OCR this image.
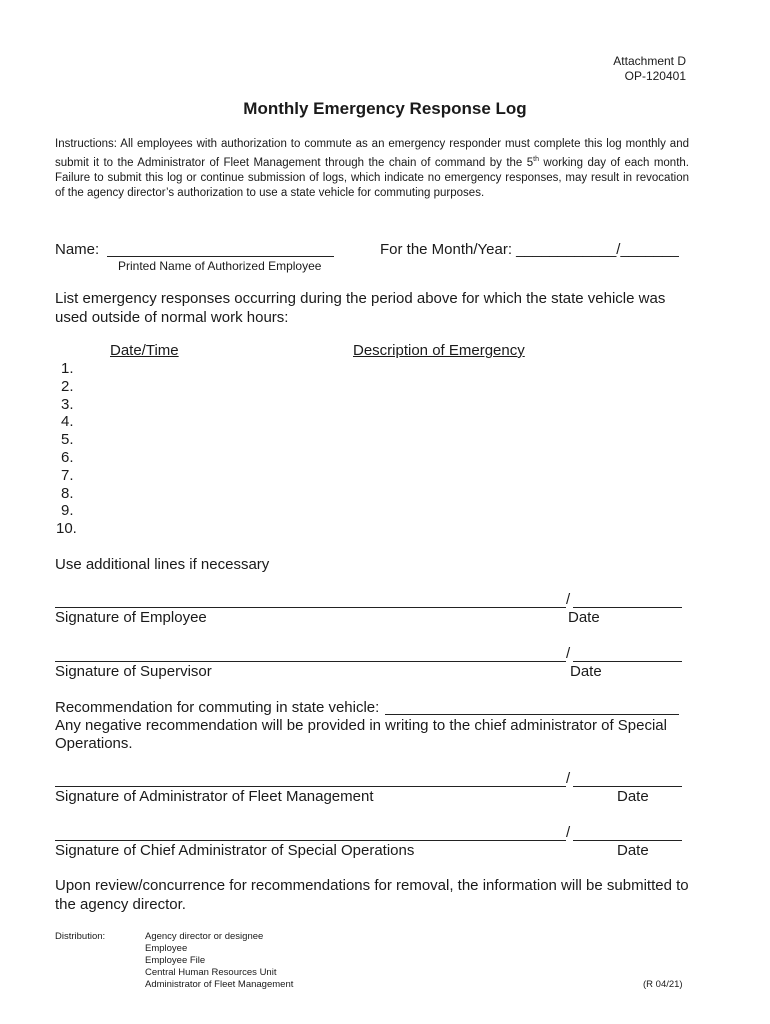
Attachment D
OP-120401
Monthly Emergency Response Log
Instructions: All employees with authorization to commute as an emergency responder must complete this log monthly and submit it to the Administrator of Fleet Management through the chain of command by the 5th working day of each month. Failure to submit this log or continue submission of logs, which indicate no emergency responses, may result in revocation of the agency director’s authorization to use a state vehicle for commuting purposes.
Name:
Printed Name of Authorized Employee
For the Month/Year: ____________/_______
List emergency responses occurring during the period above for which the state vehicle was used outside of normal work hours:
Date/Time	Description of Emergency
1.
2.
3.
4.
5.
6.
7.
8.
9.
10.
Use additional lines if necessary
/
Signature of Employee	Date
/
Signature of Supervisor	Date
Recommendation for commuting in state vehicle:
Any negative recommendation will be provided in writing to the chief administrator of Special
Operations.
/
Signature of Administrator of Fleet Management	Date
/
Signature of Chief Administrator of Special Operations	Date
Upon review/concurrence for recommendations for removal, the information will be submitted to
the agency director.
Distribution:	Agency director or designee
Employee
Employee File
Central Human Resources Unit
Administrator of Fleet Management	(R 04/21)
